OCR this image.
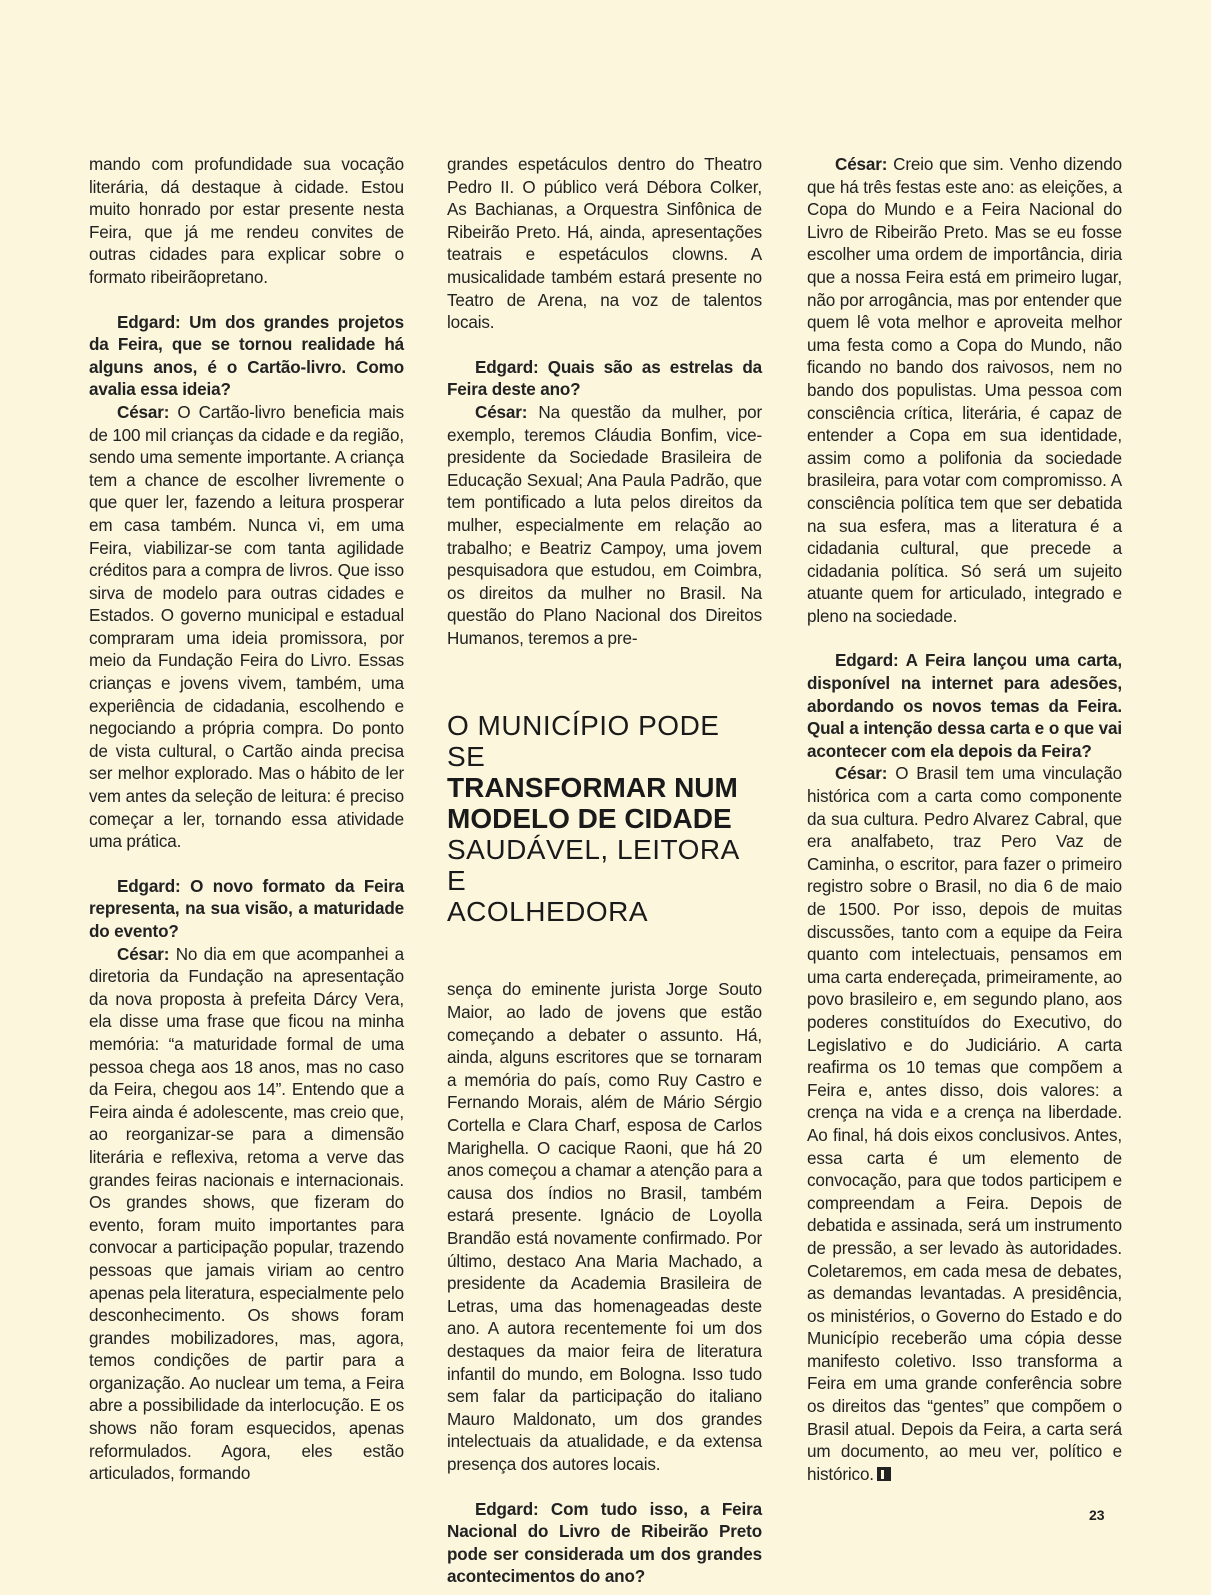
mando com profundidade sua vocação literária, dá destaque à cidade. Estou muito honrado por estar presente nesta Feira, que já me rendeu convites de outras cidades para explicar sobre o formato ribeirãopretano.

Edgard: Um dos grandes projetos da Feira, que se tornou realidade há alguns anos, é o Cartão-livro. Como avalia essa ideia?

César: O Cartão-livro beneficia mais de 100 mil crianças da cidade e da região, sendo uma semente importante. A criança tem a chance de escolher livremente o que quer ler, fazendo a leitura prosperar em casa também. Nunca vi, em uma Feira, viabilizar-se com tanta agilidade créditos para a compra de livros. Que isso sirva de modelo para outras cidades e Estados. O governo municipal e estadual compraram uma ideia promissora, por meio da Fundação Feira do Livro. Essas crianças e jovens vivem, também, uma experiência de cidadania, escolhendo e negociando a própria compra. Do ponto de vista cultural, o Cartão ainda precisa ser melhor explorado. Mas o hábito de ler vem antes da seleção de leitura: é preciso começar a ler, tornando essa atividade uma prática.

Edgard: O novo formato da Feira representa, na sua visão, a maturidade do evento?

César: No dia em que acompanhei a diretoria da Fundação na apresentação da nova proposta à prefeita Dárcy Vera, ela disse uma frase que ficou na minha memória: “a maturidade formal de uma pessoa chega aos 18 anos, mas no caso da Feira, chegou aos 14”. Entendo que a Feira ainda é adolescente, mas creio que, ao reorganizar-se para a dimensão literária e reflexiva, retoma a verve das grandes feiras nacionais e internacionais. Os grandes shows, que fizeram do evento, foram muito importantes para convocar a participação popular, trazendo pessoas que jamais viriam ao centro apenas pela literatura, especialmente pelo desconhecimento. Os shows foram grandes mobilizadores, mas, agora, temos condições de partir para a organização. Ao nuclear um tema, a Feira abre a possibilidade da interlocução. E os shows não foram esquecidos, apenas reformulados. Agora, eles estão articulados, formando

grandes espetáculos dentro do Theatro Pedro II. O público verá Débora Colker, As Bachianas, a Orquestra Sinfônica de Ribeirão Preto. Há, ainda, apresentações teatrais e espetáculos clowns. A musicalidade também estará presente no Teatro de Arena, na voz de talentos locais.

Edgard: Quais são as estrelas da Feira deste ano?

César: Na questão da mulher, por exemplo, teremos Cláudia Bonfim, vice-presidente da Sociedade Brasileira de Educação Sexual; Ana Paula Padrão, que tem pontificado a luta pelos direitos da mulher, especialmente em relação ao trabalho; e Beatriz Campoy, uma jovem pesquisadora que estudou, em Coimbra, os direitos da mulher no Brasil. Na questão do Plano Nacional dos Direitos Humanos, teremos a pre-

O MUNICÍPIO PODE SE
TRANSFORMAR NUM
MODELO DE CIDADE
SAUDÁVEL, LEITORA E
ACOLHEDORA

sença do eminente jurista Jorge Souto Maior, ao lado de jovens que estão começando a debater o assunto. Há, ainda, alguns escritores que se tornaram a memória do país, como Ruy Castro e Fernando Morais, além de Mário Sérgio Cortella e Clara Charf, esposa de Carlos Marighella. O cacique Raoni, que há 20 anos começou a chamar a atenção para a causa dos índios no Brasil, também estará presente. Ignácio de Loyolla Brandão está novamente confirmado. Por último, destaco Ana Maria Machado, a presidente da Academia Brasileira de Letras, uma das homenageadas deste ano. A autora recentemente foi um dos destaques da maior feira de literatura infantil do mundo, em Bologna. Isso tudo sem falar da participação do italiano Mauro Maldonato, um dos grandes intelectuais da atualidade, e da extensa presença dos autores locais.

Edgard: Com tudo isso, a Feira Nacional do Livro de Ribeirão Preto pode ser considerada um dos grandes acontecimentos do ano?

César: Creio que sim. Venho dizendo que há três festas este ano: as eleições, a Copa do Mundo e a Feira Nacional do Livro de Ribeirão Preto. Mas se eu fosse escolher uma ordem de importância, diria que a nossa Feira está em primeiro lugar, não por arrogância, mas por entender que quem lê vota melhor e aproveita melhor uma festa como a Copa do Mundo, não ficando no bando dos raivosos, nem no bando dos populistas. Uma pessoa com consciência crítica, literária, é capaz de entender a Copa em sua identidade, assim como a polifonia da sociedade brasileira, para votar com compromisso. A consciência política tem que ser debatida na sua esfera, mas a literatura é a cidadania cultural, que precede a cidadania política. Só será um sujeito atuante quem for articulado, integrado e pleno na sociedade.

Edgard: A Feira lançou uma carta, disponível na internet para adesões, abordando os novos temas da Feira. Qual a intenção dessa carta e o que vai acontecer com ela depois da Feira?

César: O Brasil tem uma vinculação histórica com a carta como componente da sua cultura. Pedro Alvarez Cabral, que era analfabeto, traz Pero Vaz de Caminha, o escritor, para fazer o primeiro registro sobre o Brasil, no dia 6 de maio de 1500. Por isso, depois de muitas discussões, tanto com a equipe da Feira quanto com intelectuais, pensamos em uma carta endereçada, primeiramente, ao povo brasileiro e, em segundo plano, aos poderes constituídos do Executivo, do Legislativo e do Judiciário. A carta reafirma os 10 temas que compõem a Feira e, antes disso, dois valores: a crença na vida e a crença na liberdade. Ao final, há dois eixos conclusivos. Antes, essa carta é um elemento de convocação, para que todos participem e compreendam a Feira. Depois de debatida e assinada, será um instrumento de pressão, a ser levado às autoridades. Coletaremos, em cada mesa de debates, as demandas levantadas. A presidência, os ministérios, o Governo do Estado e do Município receberão uma cópia desse manifesto coletivo. Isso transforma a Feira em uma grande conferência sobre os direitos das “gentes” que compõem o Brasil atual. Depois da Feira, a carta será um documento, ao meu ver, político e histórico.

23
